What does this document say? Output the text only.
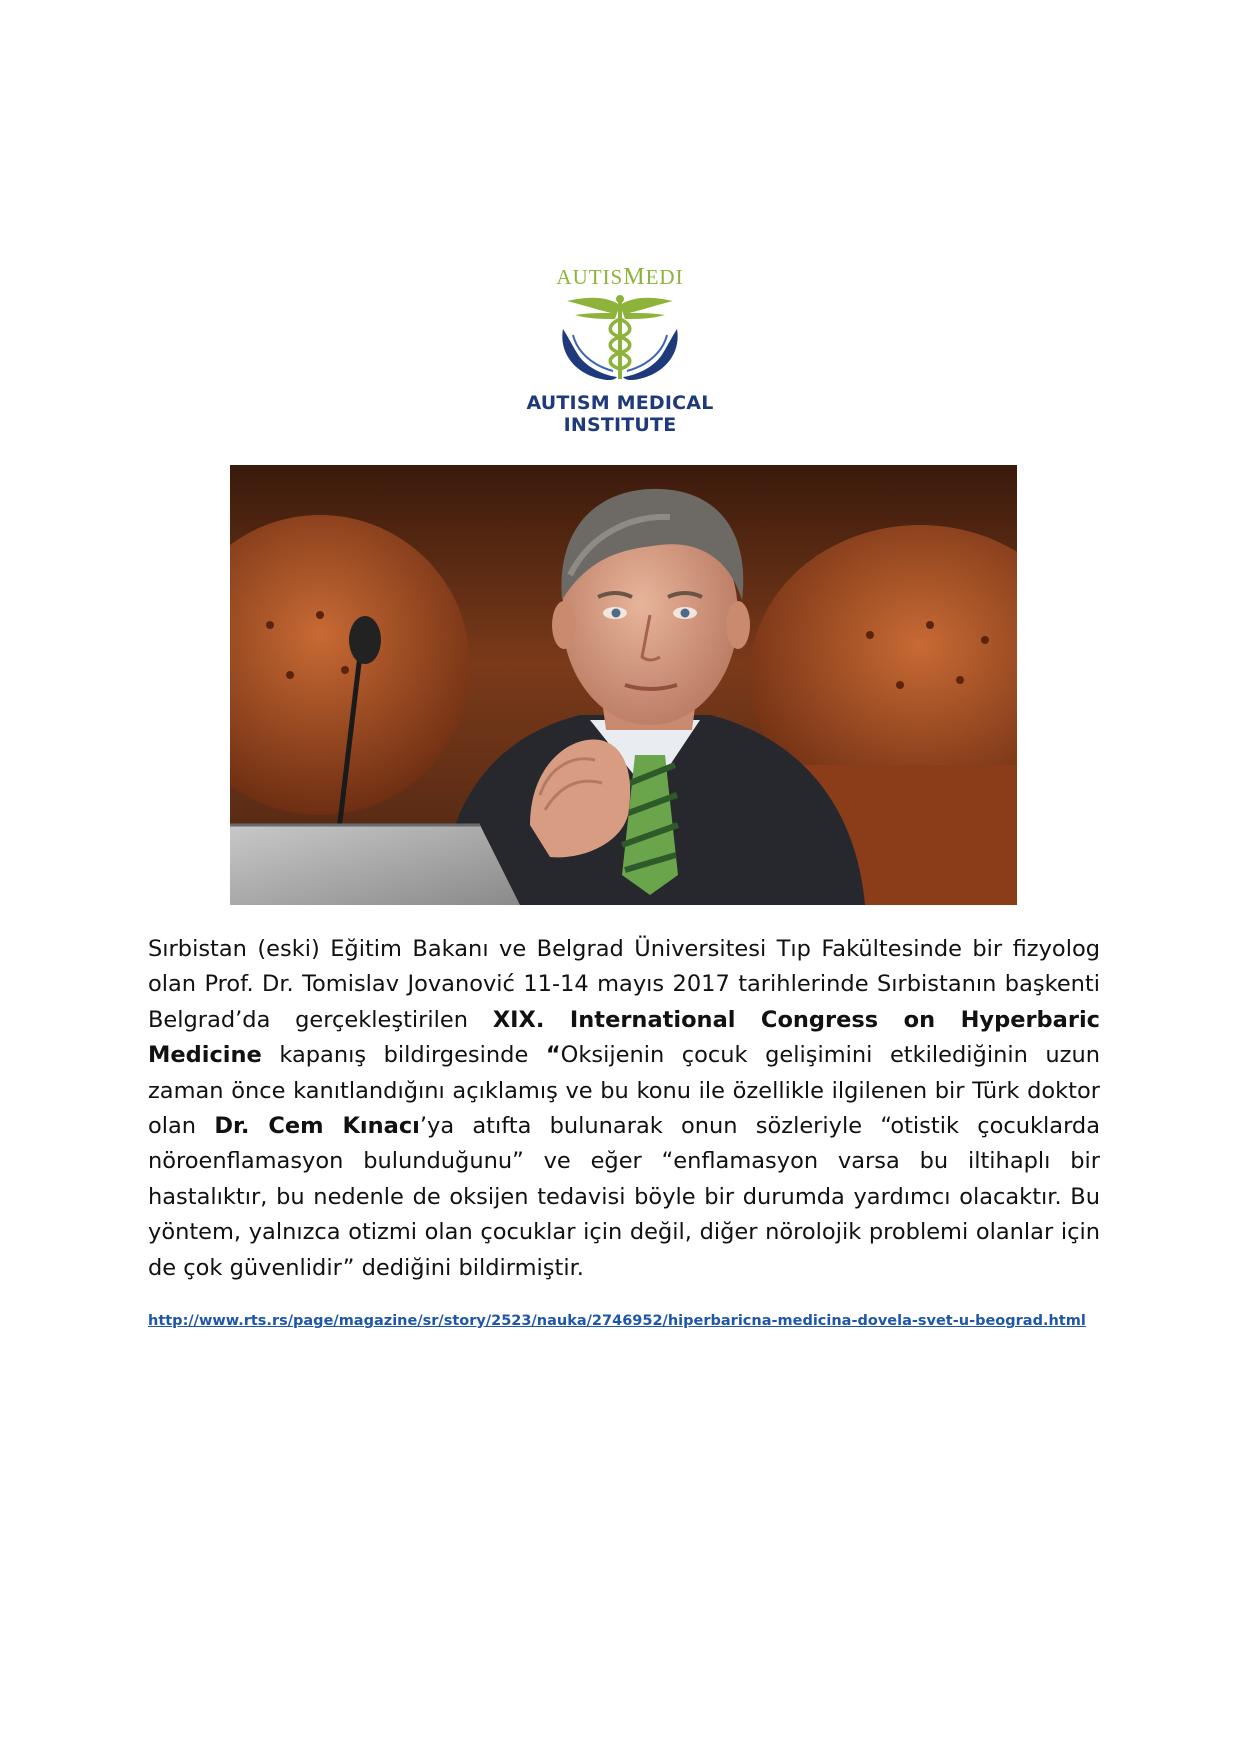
AUTISMEDI
AUTISM MEDICAL INSTITUTE

Sırbistan (eski) Eğitim Bakanı ve Belgrad Üniversitesi Tıp Fakültesinde bir fizyolog olan Prof. Dr. Tomislav Jovanović 11-14 mayıs 2017 tarihlerinde Sırbistanın başkenti Belgrad’da gerçekleştirilen XIX. International Congress on Hyperbaric Medicine kapanış bildirgesinde “Oksijenin çocuk gelişimini etkilediğinin uzun zaman önce kanıtlandığını açıklamış ve bu konu ile özellikle ilgilenen bir Türk doktor olan Dr. Cem Kınacı’ya atıfta bulunarak onun sözleriyle “otistik çocuklarda nöroenflamasyon bulunduğunu” ve eğer “enflamasyon varsa bu iltihaplı bir hastalıktır, bu nedenle de oksijen tedavisi böyle bir durumda yardımcı olacaktır. Bu yöntem, yalnızca otizmi olan çocuklar için değil, diğer nörolojik problemi olanlar için de çok güvenlidir” dediğini bildirmiştir.

http://www.rts.rs/page/magazine/sr/story/2523/nauka/2746952/hiperbaricna-medicina-dovela-svet-u-beograd.html
